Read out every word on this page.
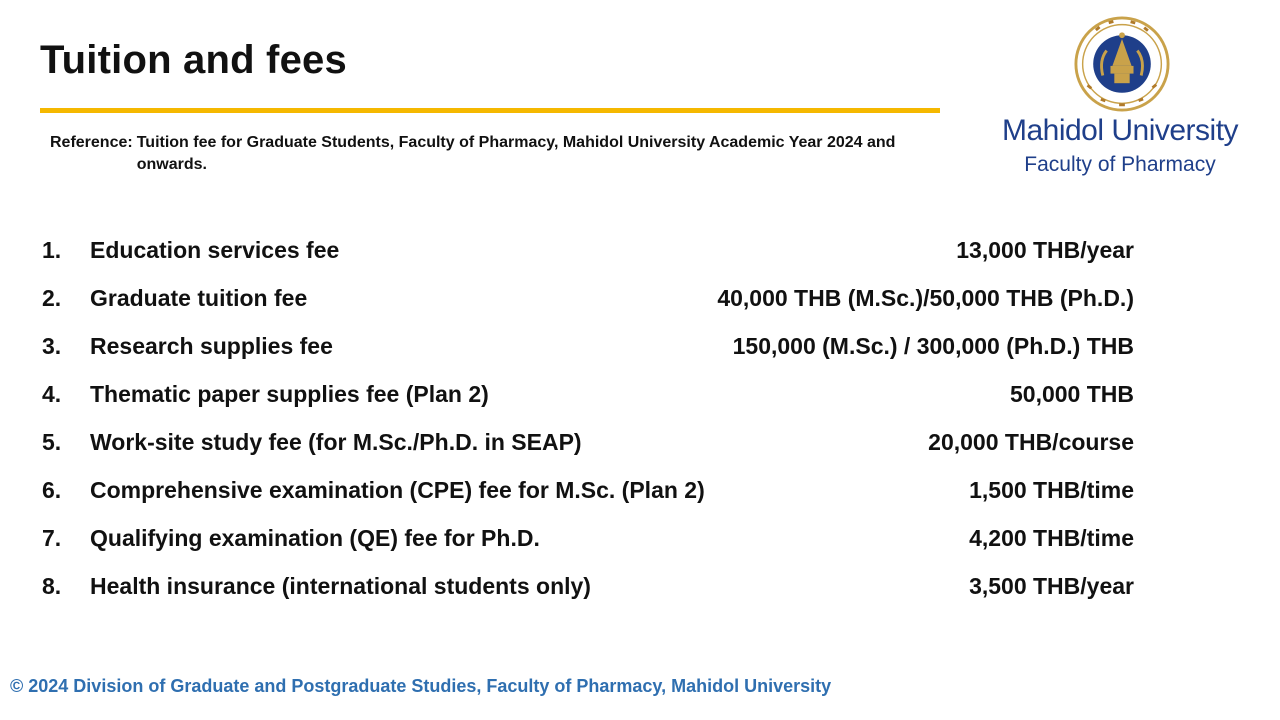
Tuition and fees
Reference: Tuition fee for Graduate Students, Faculty of Pharmacy, Mahidol University Academic Year 2024 and onwards.
Mahidol University
Faculty of Pharmacy
1.	Education services fee	13,000 THB/year
2.	Graduate tuition fee	40,000 THB (M.Sc.)/50,000 THB (Ph.D.)
3.	Research supplies fee	150,000 (M.Sc.) / 300,000 (Ph.D.) THB
4.	Thematic paper supplies fee (Plan 2)	50,000 THB
5.	Work-site study fee (for M.Sc./Ph.D. in SEAP)	20,000 THB/course
6.	Comprehensive examination (CPE) fee for M.Sc. (Plan 2)	1,500 THB/time
7.	Qualifying examination (QE) fee for Ph.D.	4,200 THB/time
8.	Health insurance (international students only)	3,500 THB/year
© 2024 Division of Graduate and Postgraduate Studies, Faculty of Pharmacy, Mahidol University
